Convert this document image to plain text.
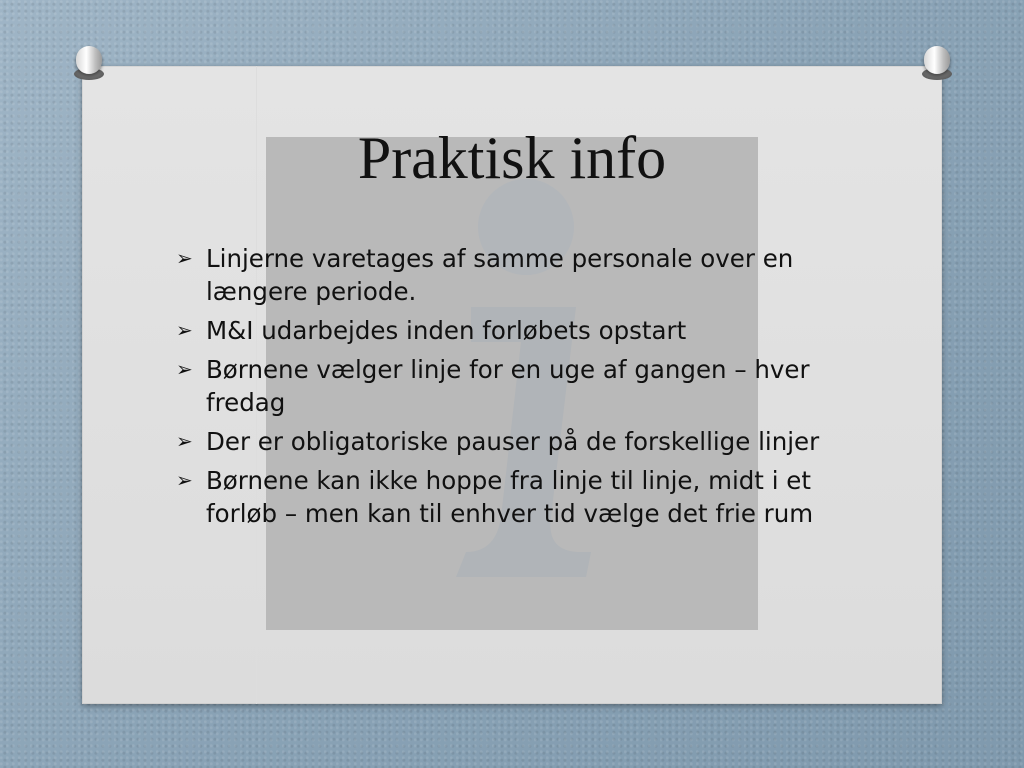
Praktisk info
➢ Linjerne varetages af samme personale over en længere periode.
➢ M&I udarbejdes inden forløbets opstart
➢ Børnene vælger linje for en uge af gangen – hver fredag
➢ Der er obligatoriske pauser på de forskellige linjer
➢ Børnene kan ikke hoppe fra linje til linje, midt i et forløb – men kan til enhver tid vælge det frie rum
